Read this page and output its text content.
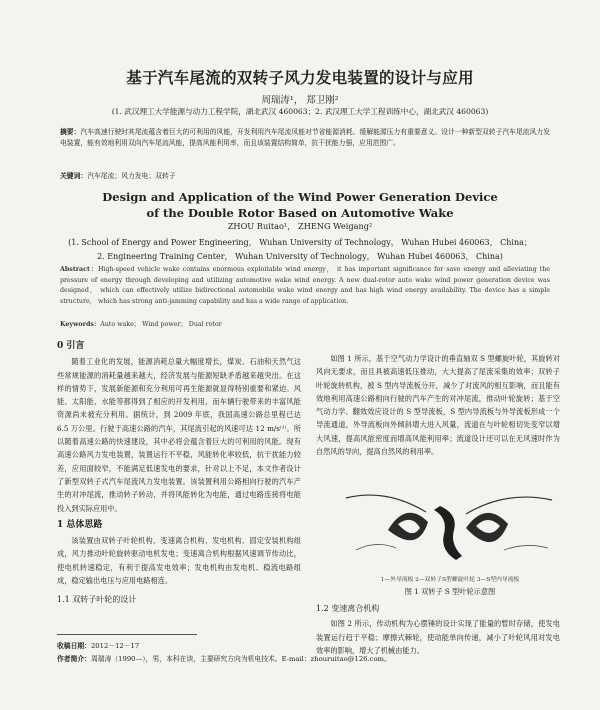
基于汽车尾流的双转子风力发电装置的设计与应用
周瑞涛¹， 郑卫刚²
(1. 武汉理工大学能源与动力工程学院，湖北武汉 460063；2. 武汉理工大学工程训练中心，湖北武汉 460063)
摘要：汽车高速行驶时其尾流蕴含着巨大的可利用的风能，开发利用汽车尾流风能对节省能源消耗、缓解能源压力有重要意义。设计一种新型双转子汽车尾流风力发电装置，能有效地利用双向汽车尾流风能，提高风能利用率，而且该装置结构简单，抗干扰能力强，应用范围广。
关键词：汽车尾流；风力发电；双转子
Design and Application of the Wind Power Generation Device
of the Double Rotor Based on Automotive Wake
ZHOU Ruitao¹， ZHENG Weigang²
(1. School of Energy and Power Engineering， Wuhan University of Technology， Wuhan Hubei 460063， China；
2. Engineering Training Center， Wuhan University of Technology， Wuhan Hubei 460063， China)
Abstract：High-speed vehicle wake contains enormous exploitable wind energy， it has important significance for save energy and alleviating the pressure of energy through developing and utilizing automotive wake wind energy. A new dual-rotor auto wake wind power generation device was designed， which can effectively utilize bidirectional automobile wake wind energy and has high wind energy availability. The device has a simple structure， which has strong anti-jamming capability and has a wide range of application.
Keywords：Auto wake； Wind power； Dual rotor
0 引言
随着工业化的发展，能源消耗总量大幅度增长，煤炭、石油和天然气这些常规能源的消耗量越来越大，经济发展与能源短缺矛盾越来越突出。在这样的情势下，发展新能源和充分利用可再生能源就显得特别重要和紧迫。风能、太阳能、水能等都得到了相应的开发利用，而车辆行驶带来的丰富风能资源尚未被充分利用。据统计，到 2009 年底，我国高速公路总里程已达 6.5 万公里。行驶于高速公路的汽车，其尾流引起的风速可达 12 m/s⁽¹⁾。所以随着高速公路的快速建设，其中必将会蕴含着巨大的可利用的风能。现有高速公路风力发电装置，装置运行不平稳，风能转化率较低，抗干扰能力较差，应用面较窄，不能满足低速发电的要求，针对以上不足，本文作者设计了新型双转子式汽车尾流风力发电装置。该装置利用公路相向行驶的汽车产生的对冲尾流，推动转子转动，并将风能转化为电能，通过电路连接将电能投入到实际应用中。
1 总体思路
该装置由双转子叶轮机构、变速离合机构、发电机构、固定安装机构组成，风力推动叶轮旋转驱动电机发电；变速离合机构根据风速调节传动比，使电机转速稳定，有利于提高发电效率；发电机构由发电机、稳流电路组成，稳定输出电压与应用电路相连。
1.1 双转子叶轮的设计
如图 1 所示，基于空气动力学设计的垂直轴双 S 型螺旋叶轮，其旋转对风向无要求，而且具被高速低压推动，大大提高了尾流采集的效率；双转子叶轮旋转机构，被 S 型内导流板分开，减少了对流风的相互影响，而且能有效地利用高速公路相向行驶的汽车产生的对冲尾流，推动叶轮旋转；基于空气动力学、翻效效应设计的 S 型导流板，S 型内导流板与外导流板形成一个导流通道，外导流板向外倾斜增大进入风量，流道在与叶轮相切处变窄以增大风速，提高风能密度而增高风能利用率；流道设计还可以在无风速时作为自然风的导向，提高自然风的利用率。
1—外导流板 2—双转子S型螺旋叶轮 3—S型内导流板
图 1 双转子 S 型叶轮示意图
1.2 变速离合机构
如图 2 所示，传动机构为心摆锤的设计实现了能量的暂时存储，使发电装置运行趋于平稳；摩擦式棘轮，使动能单向传递，减小了叶轮风用对发电效率的影响，增大了机械由能力。
收稿日期：2012－12－17
作者简介：周瑞涛（1990—），男，本科在读，主要研究方向为机电技术。E-mail：zhouruitao@126.com。
